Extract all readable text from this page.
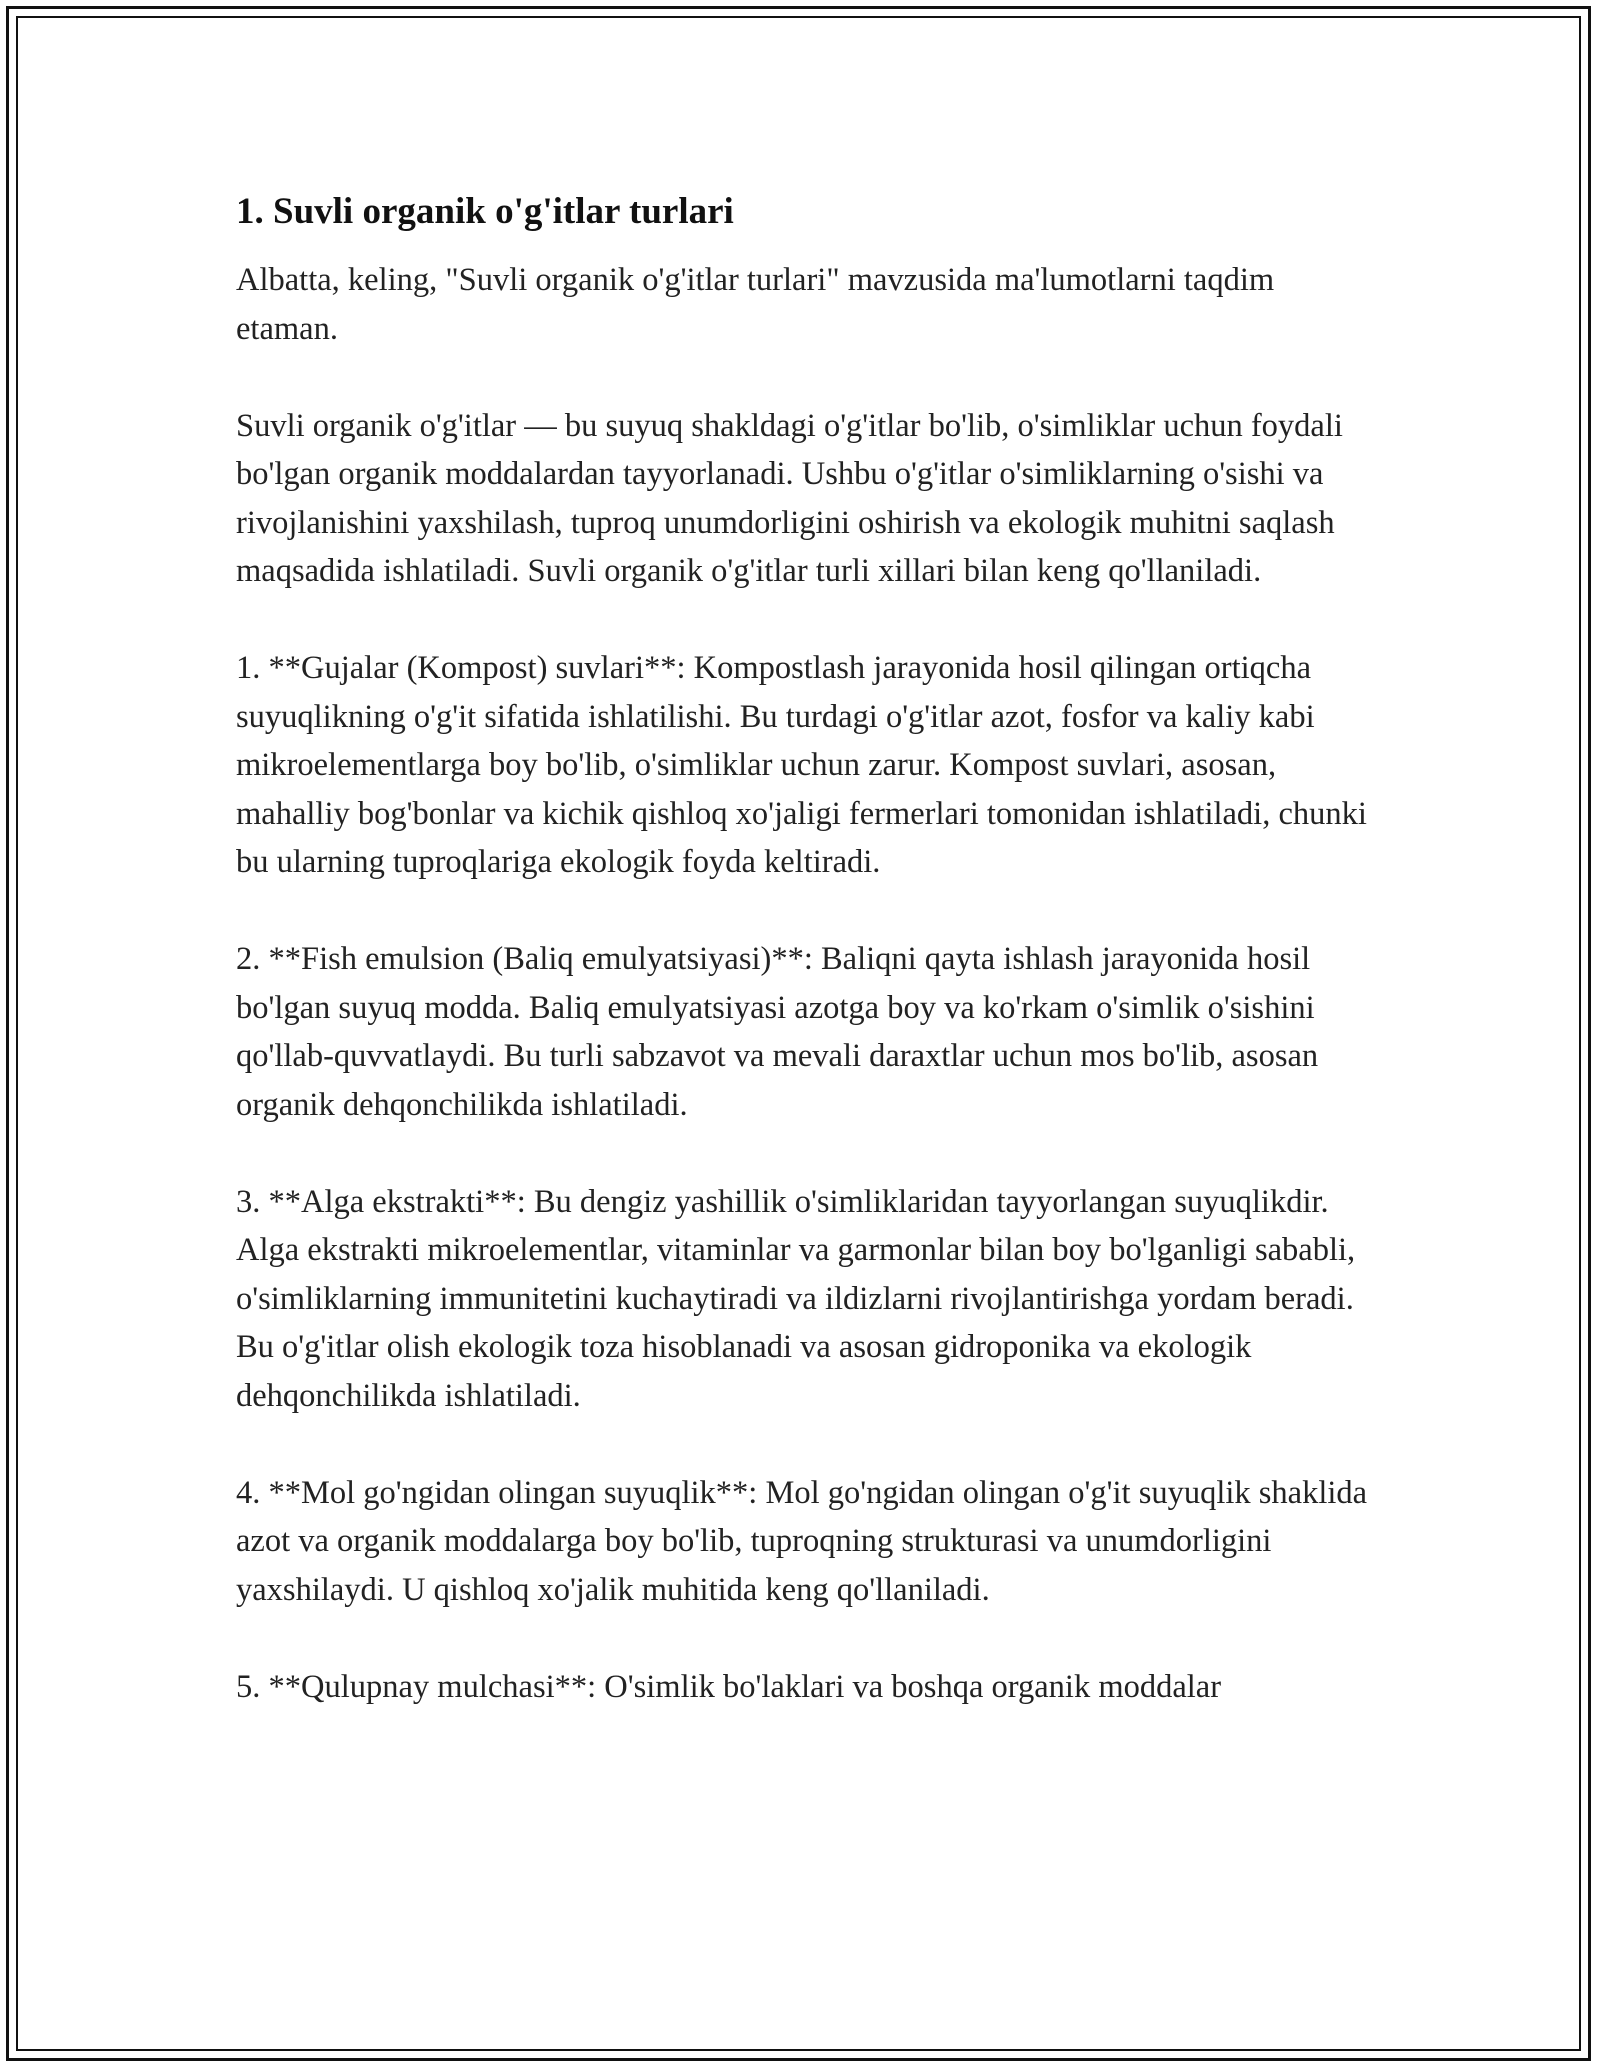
1. Suvli organik o'g'itlar turlari

Albatta, keling, "Suvli organik o'g'itlar turlari" mavzusida ma'lumotlarni taqdim etaman.

Suvli organik o'g'itlar — bu suyuq shakldagi o'g'itlar bo'lib, o'simliklar uchun foydali bo'lgan organik moddalardan tayyorlanadi. Ushbu o'g'itlar o'simliklarning o'sishi va rivojlanishini yaxshilash, tuproq unumdorligini oshirish va ekologik muhitni saqlash maqsadida ishlatiladi. Suvli organik o'g'itlar turli xillari bilan keng qo'llaniladi.

1. **Gujalar (Kompost) suvlari**: Kompostlash jarayonida hosil qilingan ortiqcha suyuqlikning o'g'it sifatida ishlatilishi. Bu turdagi o'g'itlar azot, fosfor va kaliy kabi mikroelementlarga boy bo'lib, o'simliklar uchun zarur. Kompost suvlari, asosan, mahalliy bog'bonlar va kichik qishloq xo'jaligi fermerlari tomonidan ishlatiladi, chunki bu ularning tuproqlariga ekologik foyda keltiradi.

2. **Fish emulsion (Baliq emulyatsiyasi)**: Baliqni qayta ishlash jarayonida hosil bo'lgan suyuq modda. Baliq emulyatsiyasi azotga boy va ko'rkam o'simlik o'sishini qo'llab-quvvatlaydi. Bu turli sabzavot va mevali daraxtlar uchun mos bo'lib, asosan organik dehqonchilikda ishlatiladi.

3. **Alga ekstrakti**: Bu dengiz yashillik o'simliklaridan tayyorlangan suyuqlikdir. Alga ekstrakti mikroelementlar, vitaminlar va garmonlar bilan boy bo'lganligi sababli, o'simliklarning immunitetini kuchaytiradi va ildizlarni rivojlantirishga yordam beradi. Bu o'g'itlar olish ekologik toza hisoblanadi va asosan gidroponika va ekologik dehqonchilikda ishlatiladi.

4. **Mol go'ngidan olingan suyuqlik**: Mol go'ngidan olingan o'g'it suyuqlik shaklida azot va organik moddalarga boy bo'lib, tuproqning strukturasi va unumdorligini yaxshilaydi. U qishloq xo'jalik muhitida keng qo'llaniladi.

5. **Qulupnay mulchasi**: O'simlik bo'laklari va boshqa organik moddalar
